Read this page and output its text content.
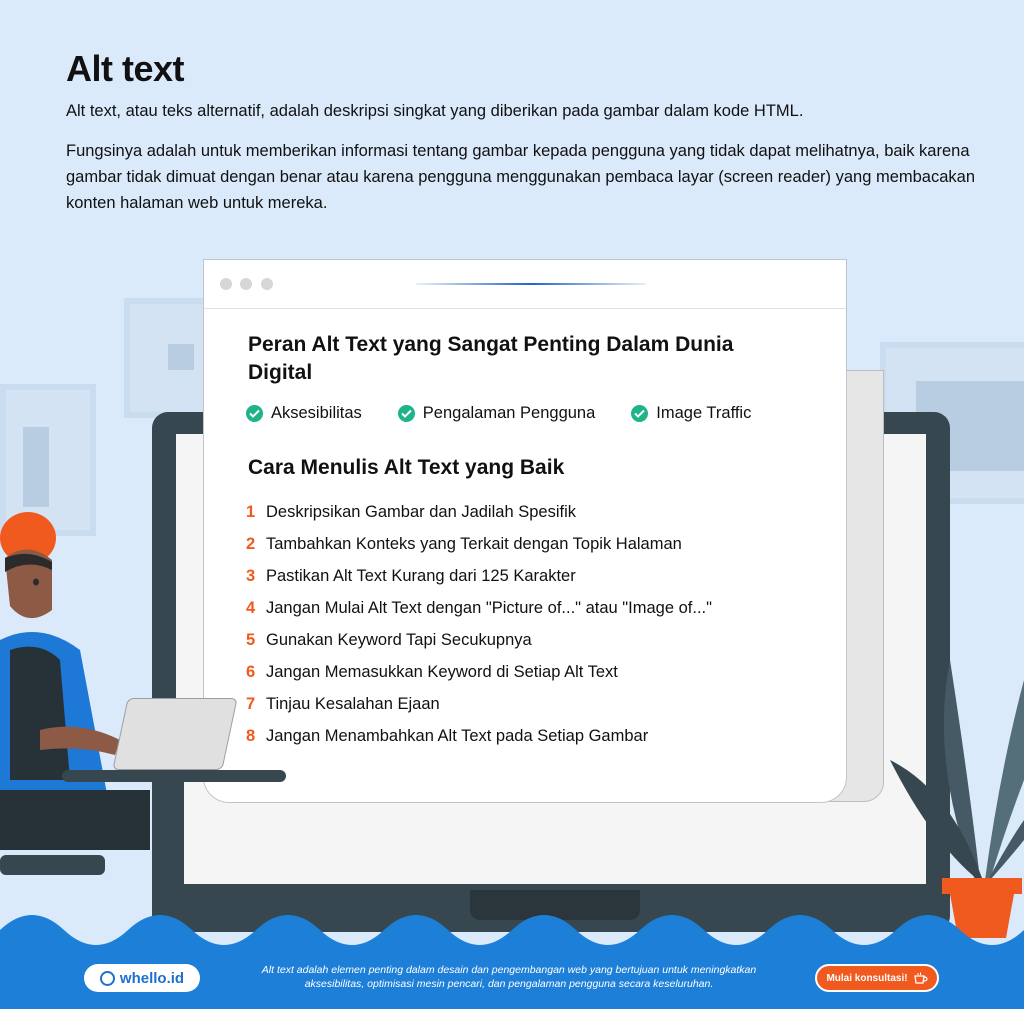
Alt text

Alt text, atau teks alternatif, adalah deskripsi singkat yang diberikan pada gambar dalam kode HTML.

Fungsinya adalah untuk memberikan informasi tentang gambar kepada pengguna yang tidak dapat melihatnya, baik karena gambar tidak dimuat dengan benar atau karena pengguna menggunakan pembaca layar (screen reader) yang membacakan konten halaman web untuk mereka.

Peran Alt Text yang Sangat Penting Dalam Dunia Digital
Aksesibilitas	Pengalaman Pengguna	Image Traffic
Cara Menulis Alt Text yang Baik
1 Deskripsikan Gambar dan Jadilah Spesifik
2 Tambahkan Konteks yang Terkait dengan Topik Halaman
3 Pastikan Alt Text Kurang dari 125 Karakter
4 Jangan Mulai Alt Text dengan "Picture of..." atau "Image of..."
5 Gunakan Keyword Tapi Secukupnya
6 Jangan Memasukkan Keyword di Setiap Alt Text
7 Tinjau Kesalahan Ejaan
8 Jangan Menambahkan Alt Text pada Setiap Gambar
whello.id	Alt text adalah elemen penting dalam desain dan pengembangan web yang bertujuan untuk meningkatkan aksesibilitas, optimisasi mesin pencari, dan pengalaman pengguna secara keseluruhan.	Mulai konsultasi!
